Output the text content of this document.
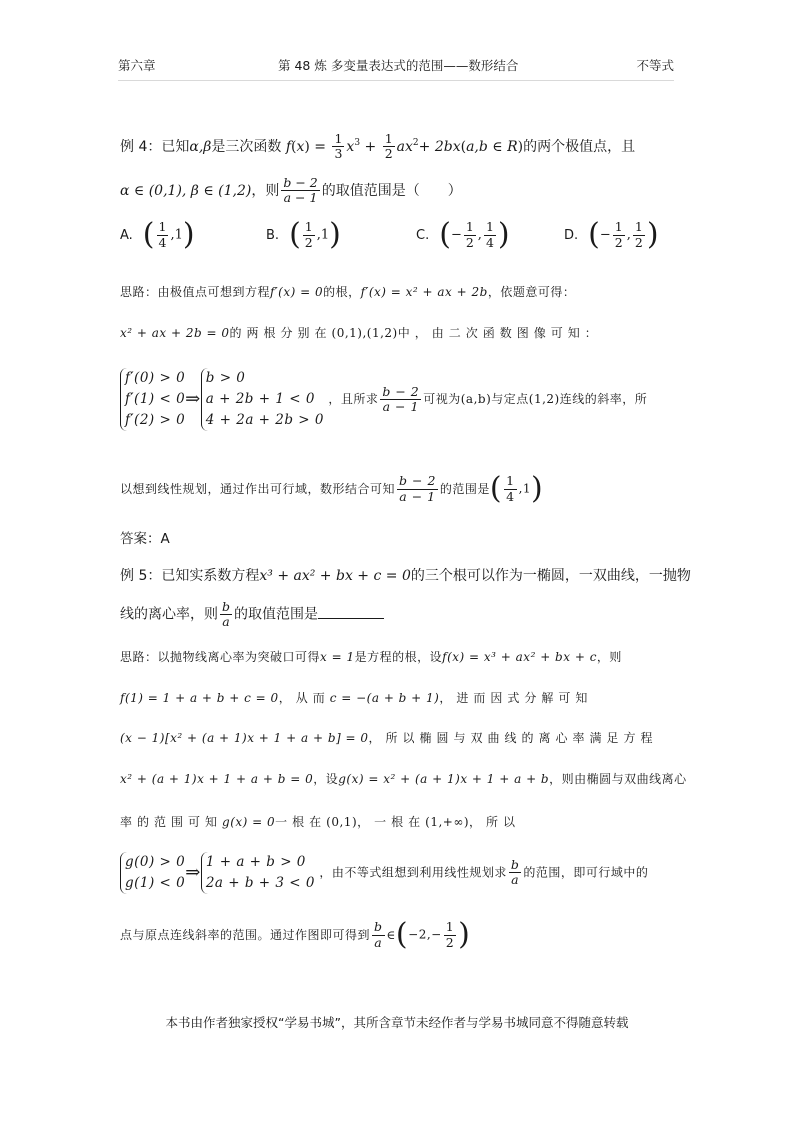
第六章	第 48 炼 多变量表达式的范围——数形结合	不等式
例 4：已知α,β是三次函数 $f(x) = \frac{1}{3} x^3 + \frac{1}{2} ax^2+ 2bx(a,b$ ∈ R)的两个极值点，且
α ∈ (0,1), β ∈ (1,2)，则 $\frac{b - 2}{a - 1}$ 的取值范围是（　　）
A. ( $\frac{1}{4} ,1$)	B. ( $\frac{1}{2} ,1$)	C. (− $\frac{1}{2}$ , $\frac{1}{4}$ )	D. (− $\frac{1}{2}$ , $\frac{1}{2}$ )
思路：由极值点可想到方程f′(x) = 0的根，f′(x) = x² + ax + 2b，依题意可得：
x² + ax + 2b = 0的两根分别在(0,1),(1,2)中，由二次函数图像可知：
f′(0) > 0
f′(1) < 0
f′(2) > 0
⇒
b > 0
a + 2b + 1 < 0
4 + 2a + 2b > 0
，且所求 $\frac{b - 2}{a - 1}$ 可视为(a,b)与定点(1,2)连线的斜率，所
以想到线性规划，通过作出可行域，数形结合可知 $\frac{b - 2}{a - 1}$ 的范围是( $\frac{1}{4} ,1$)
答案：A
例 5：已知实系数方程x³ + ax² + bx + c = 0的三个根可以作为一椭圆，一双曲线，一抛物
线的离心率，则 $\frac{b}{a}$ 的取值范围是
思路：以抛物线离心率为突破口可得x = 1是方程的根，设f(x) = x³ + ax² + bx + c，则
f(1) = 1 + a + b + c = 0，从而c = −(a + b + 1)，进而因式分解可知
(x − 1)[x² + (a + 1)x + 1 + a + b] = 0，所以椭圆与双曲线的离心率满足方程
x² + (a + 1)x + 1 + a + b = 0，设g(x) = x² + (a + 1)x + 1 + a + b，则由椭圆与双曲线离心
率的范围可知g(x) = 0一根在(0,1)，一根在(1,+∞)，所以
g(0) > 0
g(1) < 0 ⇒
1 + a + b > 0
2a + b + 3 < 0
，由不等式组想到利用线性规划求 $\frac{b}{a}$ 的范围，即可行域中的
点与原点连线斜率的范围。通过作图即可得到 $\frac{b}{a}$ ∈(−2,− $\frac{1}{2}$ )
本书由作者独家授权“学易书城”，其所含章节未经作者与学易书城同意不得随意转载
